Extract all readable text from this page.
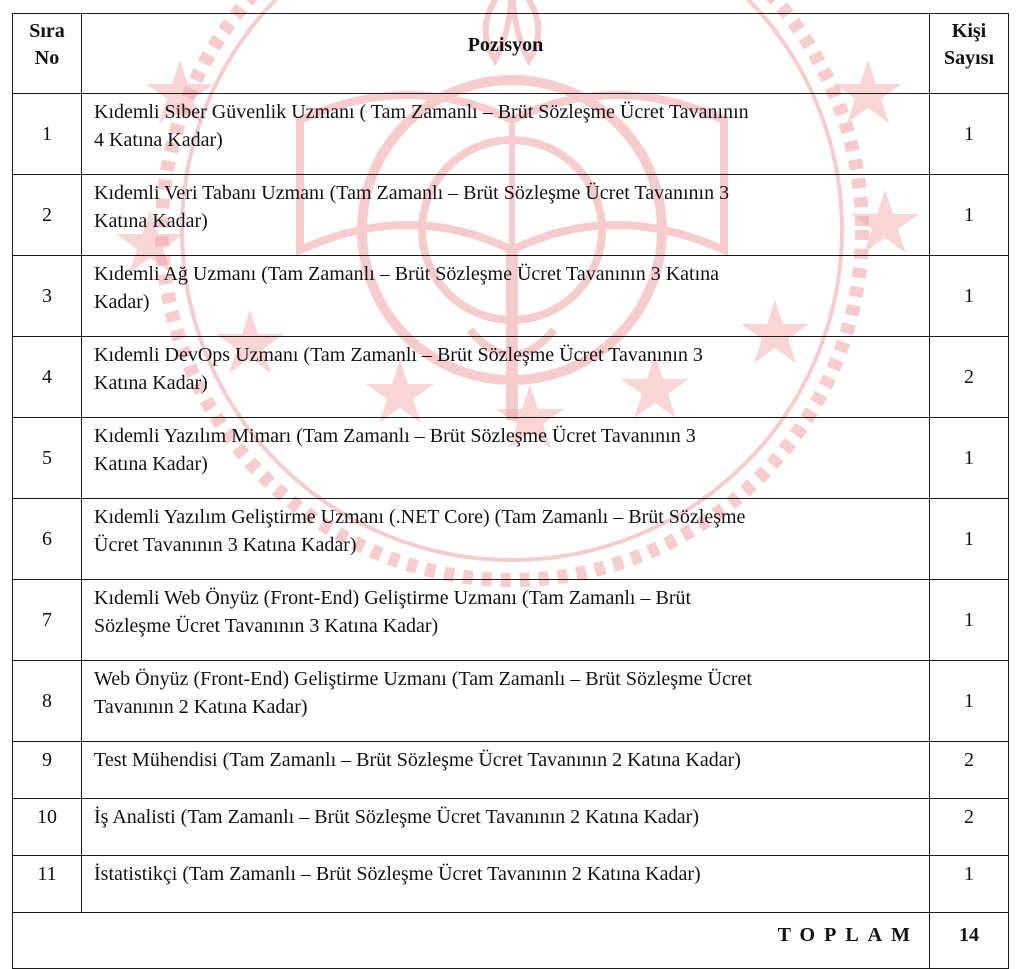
Sıra
No	Pozisyon	Kişi
Sayısı
1	Kıdemli Siber Güvenlik Uzmanı ( Tam Zamanlı – Brüt Sözleşme Ücret Tavanının
4 Katına Kadar)	1
2	Kıdemli Veri Tabanı Uzmanı (Tam Zamanlı – Brüt Sözleşme Ücret Tavanının 3
Katına Kadar)	1
3	Kıdemli Ağ Uzmanı (Tam Zamanlı – Brüt Sözleşme Ücret Tavanının 3 Katına
Kadar)	1
4	Kıdemli DevOps Uzmanı (Tam Zamanlı – Brüt Sözleşme Ücret Tavanının 3
Katına Kadar)	2
5	Kıdemli Yazılım Mimarı (Tam Zamanlı – Brüt Sözleşme Ücret Tavanının 3
Katına Kadar)	1
6	Kıdemli Yazılım Geliştirme Uzmanı (.NET Core) (Tam Zamanlı – Brüt Sözleşme
Ücret Tavanının 3 Katına Kadar)	1
7	Kıdemli Web Önyüz (Front-End) Geliştirme Uzmanı (Tam Zamanlı – Brüt
Sözleşme Ücret Tavanının 3 Katına Kadar)	1
8	Web Önyüz (Front-End) Geliştirme Uzmanı (Tam Zamanlı – Brüt Sözleşme Ücret
Tavanının 2 Katına Kadar)	1
9	Test Mühendisi (Tam Zamanlı – Brüt Sözleşme Ücret Tavanının 2 Katına Kadar)	2
10	İş Analisti (Tam Zamanlı – Brüt Sözleşme Ücret Tavanının 2 Katına Kadar)	2
11	İstatistikçi (Tam Zamanlı – Brüt Sözleşme Ücret Tavanının 2 Katına Kadar)	1
TOPLAM		14
